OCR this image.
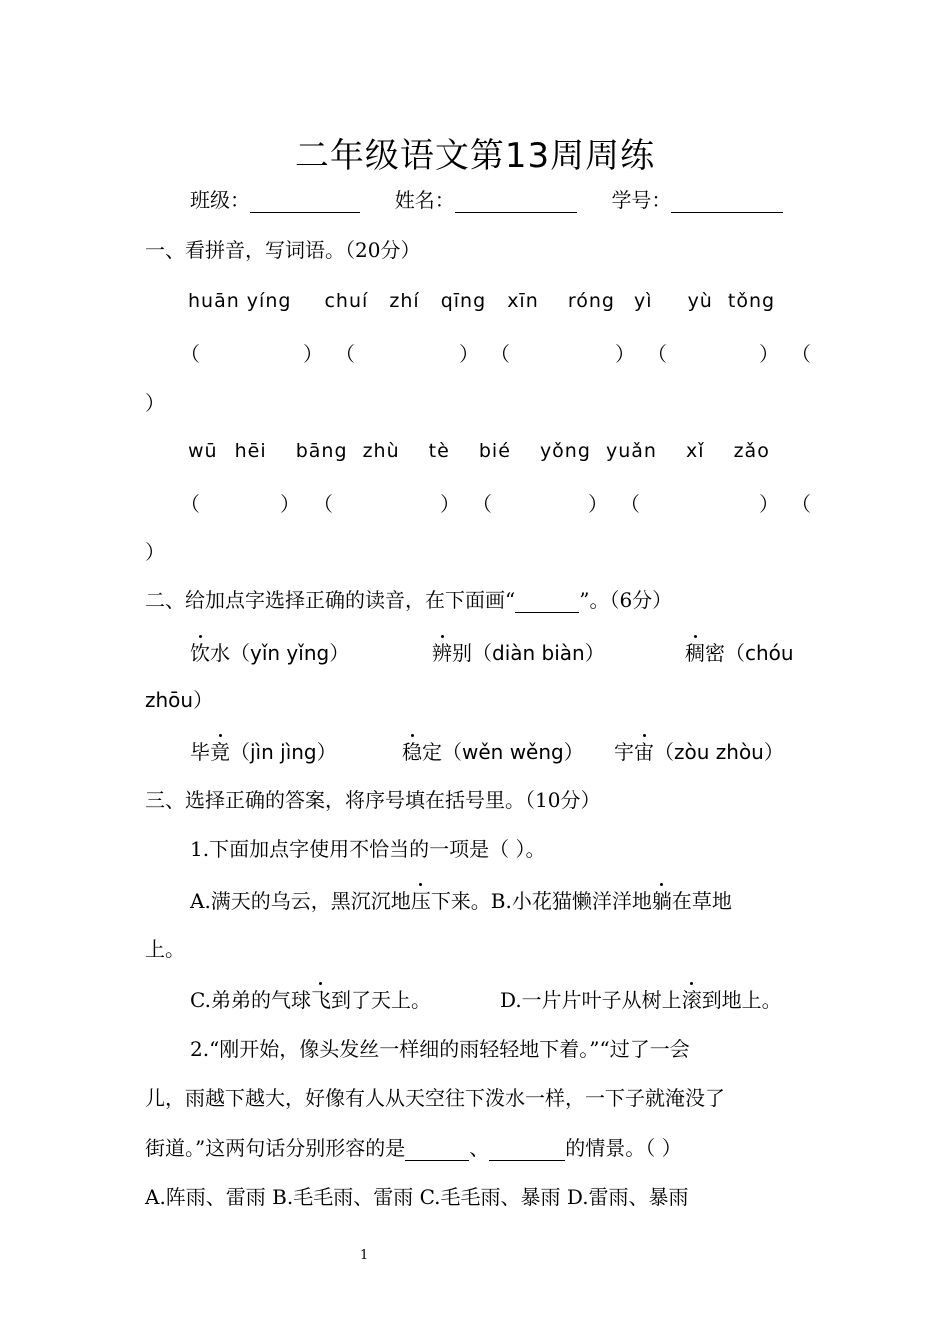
二年级语文第13周周练
班级：	姓名：	学号：
一、看拼音，写词语。（20分）
huān yíng chuí zhí qīng xīn róng yì yù tǒng
（	） （	） （	） （	） （
）
wū hēi bāng zhù tè bié yǒng yuǎn xǐ zǎo
（	） （	） （	） （	） （
）
二、给加点字选择正确的读音，在下面画“	”。（6分）
饮水（yǐn yǐng）	辨别（diàn biàn）	稠密（chóu
zhōu）
毕竟（jìn jìng）	稳定（wěn wěng） 宇宙（zòu zhòu）
三、选择正确的答案，将序号填在括号里。（10分）
1.下面加点字使用不恰当的一项是（ ）。
A.满天的乌云，黑沉沉地压下来。B.小花猫懒洋洋地躺在草地
上。
C.弟弟的气球飞到了天上。	D.一片片叶子从树上滚到地上。
2.“刚开始，像头发丝一样细的雨轻轻地下着。”“过了一会
儿，雨越下越大，好像有人从天空往下泼水一样，一下子就淹没了
街道。”这两句话分别形容的是	、	的情景。（ ）
A.阵雨、雷雨 B.毛毛雨、雷雨 C.毛毛雨、暴雨 D.雷雨、暴雨
1
